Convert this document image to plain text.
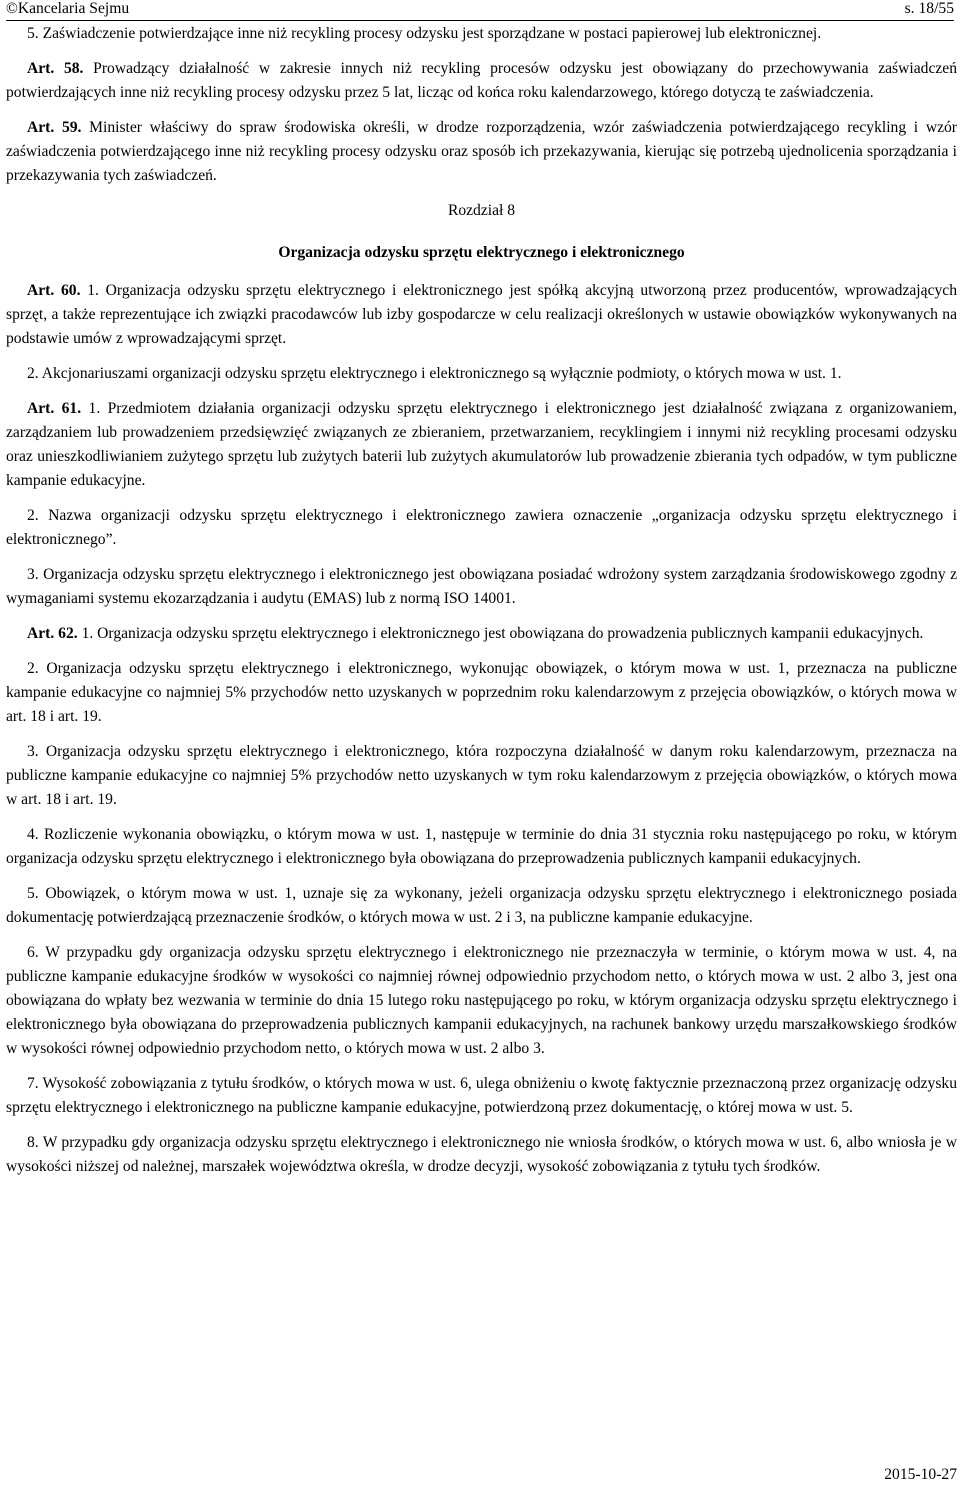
©Kancelaria Sejmu	s. 18/55

5. Zaświadczenie potwierdzające inne niż recykling procesy odzysku jest sporządzane w postaci papierowej lub elektronicznej.

Art. 58. Prowadzący działalność w zakresie innych niż recykling procesów odzysku jest obowiązany do przechowywania zaświadczeń potwierdzających inne niż recykling procesy odzysku przez 5 lat, licząc od końca roku kalendarzowego, którego dotyczą te zaświadczenia.

Art. 59. Minister właściwy do spraw środowiska określi, w drodze rozporządzenia, wzór zaświadczenia potwierdzającego recykling i wzór zaświadczenia potwierdzającego inne niż recykling procesy odzysku oraz sposób ich przekazywania, kierując się potrzebą ujednolicenia sporządzania i przekazywania tych zaświadczeń.

Rozdział 8
Organizacja odzysku sprzętu elektrycznego i elektronicznego

Art. 60. 1. Organizacja odzysku sprzętu elektrycznego i elektronicznego jest spółką akcyjną utworzoną przez producentów, wprowadzających sprzęt, a także reprezentujące ich związki pracodawców lub izby gospodarcze w celu realizacji określonych w ustawie obowiązków wykonywanych na podstawie umów z wprowadzającymi sprzęt.

2. Akcjonariuszami organizacji odzysku sprzętu elektrycznego i elektronicznego są wyłącznie podmioty, o których mowa w ust. 1.

Art. 61. 1. Przedmiotem działania organizacji odzysku sprzętu elektrycznego i elektronicznego jest działalność związana z organizowaniem, zarządzaniem lub prowadzeniem przedsięwzięć związanych ze zbieraniem, przetwarzaniem, recyklingiem i innymi niż recykling procesami odzysku oraz unieszkodliwianiem zużytego sprzętu lub zużytych baterii lub zużytych akumulatorów lub prowadzenie zbierania tych odpadów, w tym publiczne kampanie edukacyjne.

2. Nazwa organizacji odzysku sprzętu elektrycznego i elektronicznego zawiera oznaczenie „organizacja odzysku sprzętu elektrycznego i elektronicznego”.

3. Organizacja odzysku sprzętu elektrycznego i elektronicznego jest obowiązana posiadać wdrożony system zarządzania środowiskowego zgodny z wymaganiami systemu ekozarządzania i audytu (EMAS) lub z normą ISO 14001.

Art. 62. 1. Organizacja odzysku sprzętu elektrycznego i elektronicznego jest obowiązana do prowadzenia publicznych kampanii edukacyjnych.

2. Organizacja odzysku sprzętu elektrycznego i elektronicznego, wykonując obowiązek, o którym mowa w ust. 1, przeznacza na publiczne kampanie edukacyjne co najmniej 5% przychodów netto uzyskanych w poprzednim roku kalendarzowym z przejęcia obowiązków, o których mowa w art. 18 i art. 19.

3. Organizacja odzysku sprzętu elektrycznego i elektronicznego, która rozpoczyna działalność w danym roku kalendarzowym, przeznacza na publiczne kampanie edukacyjne co najmniej 5% przychodów netto uzyskanych w tym roku kalendarzowym z przejęcia obowiązków, o których mowa w art. 18 i art. 19.

4. Rozliczenie wykonania obowiązku, o którym mowa w ust. 1, następuje w terminie do dnia 31 stycznia roku następującego po roku, w którym organizacja odzysku sprzętu elektrycznego i elektronicznego była obowiązana do przeprowadzenia publicznych kampanii edukacyjnych.

5. Obowiązek, o którym mowa w ust. 1, uznaje się za wykonany, jeżeli organizacja odzysku sprzętu elektrycznego i elektronicznego posiada dokumentację potwierdzającą przeznaczenie środków, o których mowa w ust. 2 i 3, na publiczne kampanie edukacyjne.

6. W przypadku gdy organizacja odzysku sprzętu elektrycznego i elektronicznego nie przeznaczyła w terminie, o którym mowa w ust. 4, na publiczne kampanie edukacyjne środków w wysokości co najmniej równej odpowiednio przychodom netto, o których mowa w ust. 2 albo 3, jest ona obowiązana do wpłaty bez wezwania w terminie do dnia 15 lutego roku następującego po roku, w którym organizacja odzysku sprzętu elektrycznego i elektronicznego była obowiązana do przeprowadzenia publicznych kampanii edukacyjnych, na rachunek bankowy urzędu marszałkowskiego środków w wysokości równej odpowiednio przychodom netto, o których mowa w ust. 2 albo 3.

7. Wysokość zobowiązania z tytułu środków, o których mowa w ust. 6, ulega obniżeniu o kwotę faktycznie przeznaczoną przez organizację odzysku sprzętu elektrycznego i elektronicznego na publiczne kampanie edukacyjne, potwierdzoną przez dokumentację, o której mowa w ust. 5.

8. W przypadku gdy organizacja odzysku sprzętu elektrycznego i elektronicznego nie wniosła środków, o których mowa w ust. 6, albo wniosła je w wysokości niższej od należnej, marszałek województwa określa, w drodze decyzji, wysokość zobowiązania z tytułu tych środków.

2015-10-27
